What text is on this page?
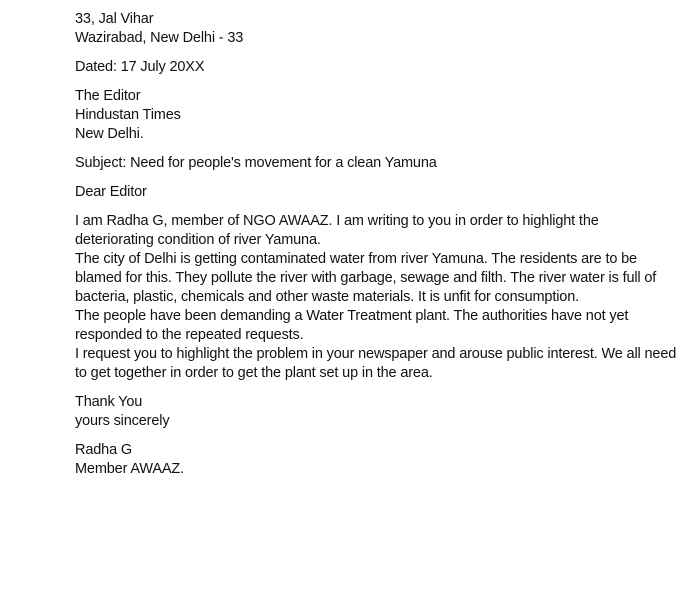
33, Jal Vihar
Wazirabad, New Delhi - 33
Dated: 17 July 20XX
The Editor
Hindustan Times
New Delhi.
Subject: Need for people's movement for a clean Yamuna
Dear Editor

I am Radha G, member of NGO AWAAZ. I am writing to you in order to highlight the deteriorating condition of river Yamuna.

The city of Delhi is getting contaminated water from river Yamuna. The residents are to be blamed for this. They pollute the river with garbage, sewage and filth. The river water is full of bacteria, plastic, chemicals and other waste materials. It is unfit for consumption.

The people have been demanding a Water Treatment plant. The authorities have not yet responded to the repeated requests.

I request you to highlight the problem in your newspaper and arouse public interest. We all need to get together in order to get the plant set up in the area.

Thank You
yours sincerely
Radha G
Member AWAAZ.
